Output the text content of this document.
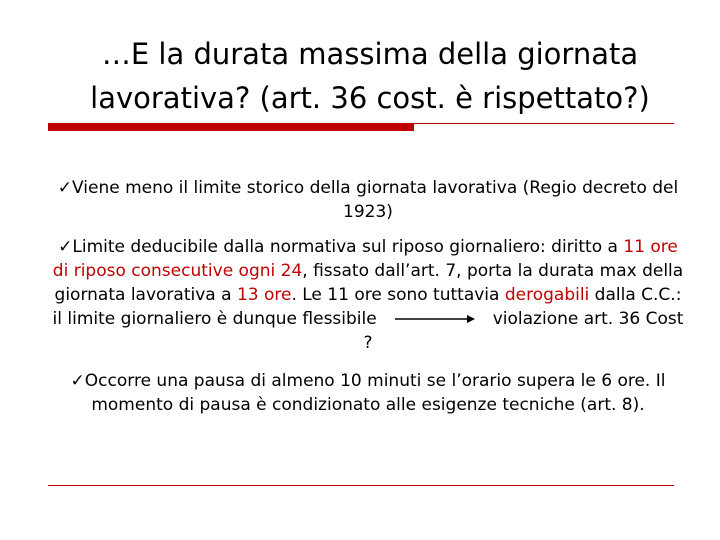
…E la durata massima della giornata
lavorativa? (art. 36 cost. è rispettato?)
✓Viene meno il limite storico della giornata lavorativa (Regio decreto del 1923)
✓Limite deducibile dalla normativa sul riposo giornaliero: diritto a 11 ore di riposo consecutive ogni 24, fissato dall’art. 7, porta la durata max della giornata lavorativa a 13 ore. Le 11 ore sono tuttavia derogabili dalla C.C.: il limite giornaliero è dunque flessibile	violazione art. 36 Cost ?
✓Occorre una pausa di almeno 10 minuti se l’orario supera le 6 ore. Il momento di pausa è condizionato alle esigenze tecniche (art. 8).
